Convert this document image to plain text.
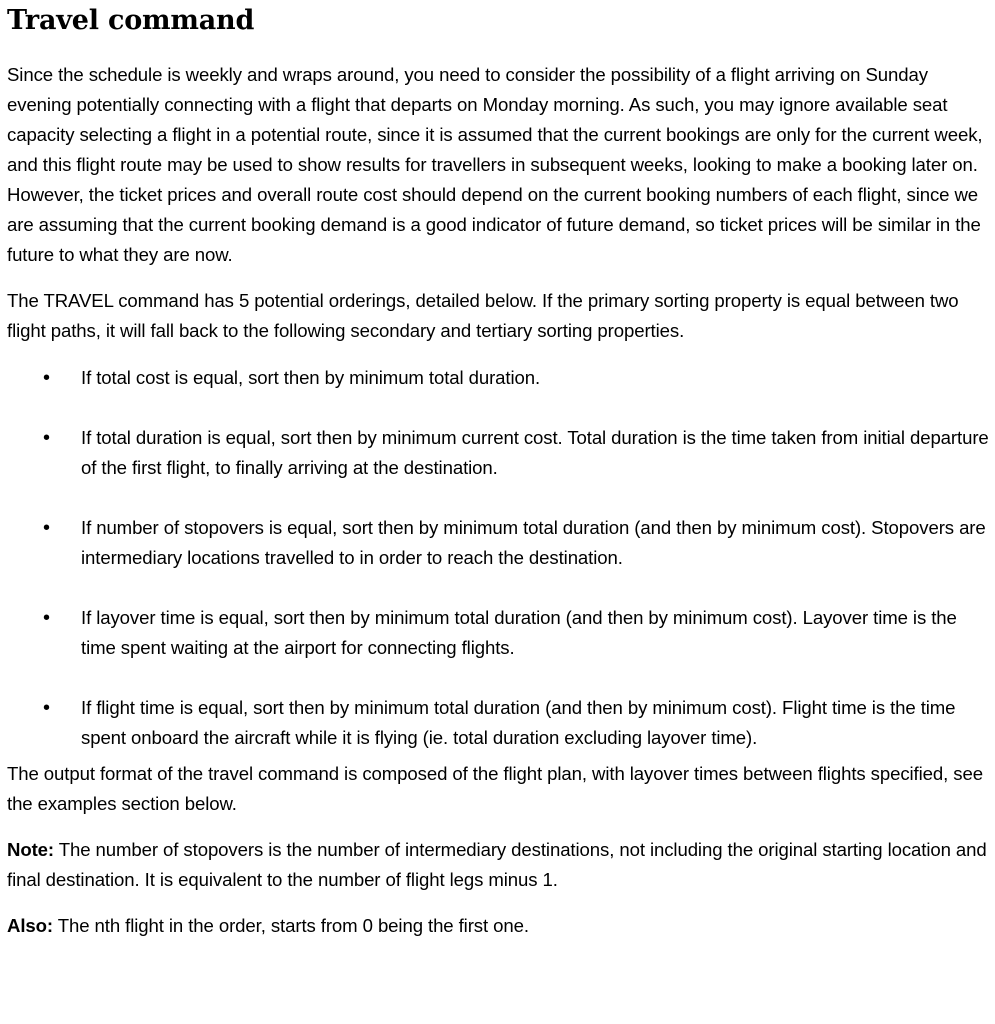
Travel command

Since the schedule is weekly and wraps around, you need to consider the possibility of a flight arriving on Sunday evening potentially connecting with a flight that departs on Monday morning. As such, you may ignore available seat capacity selecting a flight in a potential route, since it is assumed that the current bookings are only for the current week, and this flight route may be used to show results for travellers in subsequent weeks, looking to make a booking later on. However, the ticket prices and overall route cost should depend on the current booking numbers of each flight, since we are assuming that the current booking demand is a good indicator of future demand, so ticket prices will be similar in the future to what they are now.

The TRAVEL command has 5 potential orderings, detailed below. If the primary sorting property is equal between two flight paths, it will fall back to the following secondary and tertiary sorting properties.

• If total cost is equal, sort then by minimum total duration.
• If total duration is equal, sort then by minimum current cost. Total duration is the time taken from initial departure of the first flight, to finally arriving at the destination.
• If number of stopovers is equal, sort then by minimum total duration (and then by minimum cost). Stopovers are intermediary locations travelled to in order to reach the destination.
• If layover time is equal, sort then by minimum total duration (and then by minimum cost). Layover time is the time spent waiting at the airport for connecting flights.
• If flight time is equal, sort then by minimum total duration (and then by minimum cost). Flight time is the time spent onboard the aircraft while it is flying (ie. total duration excluding layover time).

The output format of the travel command is composed of the flight plan, with layover times between flights specified, see the examples section below.

Note: The number of stopovers is the number of intermediary destinations, not including the original starting location and final destination. It is equivalent to the number of flight legs minus 1.

Also: The nth flight in the order, starts from 0 being the first one.
